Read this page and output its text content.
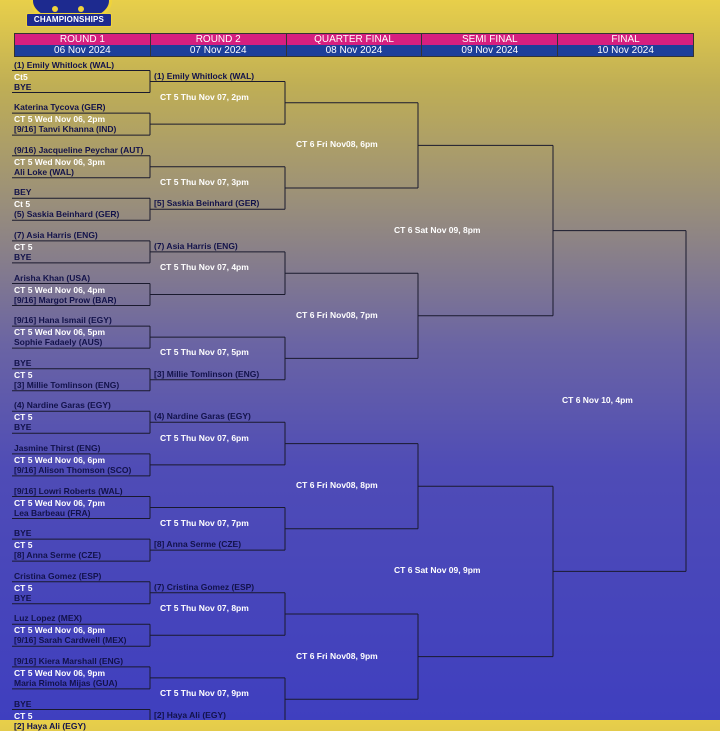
CHAMPIONSHIPS
ROUND 1
06 Nov 2024
ROUND 2
07 Nov 2024
QUARTER FINAL
08 Nov 2024
SEMI FINAL
09 Nov 2024
FINAL
10 Nov 2024
(1) Emily Whitlock (WAL)
Ct5
BYE
Katerina Tycova (GER)
CT 5 Wed Nov 06, 2pm
[9/16] Tanvi Khanna (IND)
(9/16) Jacqueline Peychar (AUT)
CT 5 Wed Nov 06, 3pm
Ali Loke (WAL)
BEY
Ct 5
(5) Saskia Beinhard (GER)
(7) Asia Harris (ENG)
CT 5
BYE
Arisha Khan (USA)
CT 5 Wed Nov 06, 4pm
[9/16] Margot Prow (BAR)
[9/16] Hana Ismail (EGY)
CT 5 Wed Nov 06, 5pm
Sophie Fadaely (AUS)
BYE
CT 5
[3] Millie Tomlinson (ENG)
(4) Nardine Garas (EGY)
CT 5
BYE
Jasmine Thirst (ENG)
CT 5 Wed Nov 06, 6pm
[9/16] Alison Thomson (SCO)
[9/16] Lowri Roberts (WAL)
CT 5 Wed Nov 06, 7pm
Lea Barbeau (FRA)
BYE
CT 5
[8] Anna Serme (CZE)
Cristina Gomez (ESP)
CT 5
BYE
Luz Lopez (MEX)
CT 5 Wed Nov 06, 8pm
[9/16] Sarah Cardwell (MEX)
[9/16] Kiera Marshall (ENG)
CT 5 Wed Nov 06, 9pm
Maria Rimola Mijas (GUA)
BYE
CT 5
[2] Haya Ali (EGY)
(1) Emily Whitlock (WAL)
CT 5 Thu Nov 07, 2pm
CT 5 Thu Nov 07, 3pm
[5] Saskia Beinhard (GER)
(7) Asia Harris (ENG)
CT 5 Thu Nov 07, 4pm
CT 5 Thu Nov 07, 5pm
[3] Millie Tomlinson (ENG)
(4) Nardine Garas (EGY)
CT 5 Thu Nov 07, 6pm
CT 5 Thu Nov 07, 7pm
[8] Anna Serme (CZE)
(7) Cristina Gomez (ESP)
CT 5 Thu Nov 07, 8pm
CT 5 Thu Nov 07, 9pm
[2] Haya Ali (EGY)
CT 6 Fri Nov08, 6pm
CT 6 Fri Nov08, 7pm
CT 6 Fri Nov08, 8pm
CT 6 Fri Nov08, 9pm
CT 6 Sat Nov 09, 8pm
CT 6 Sat Nov 09, 9pm
CT 6 Nov 10, 4pm
